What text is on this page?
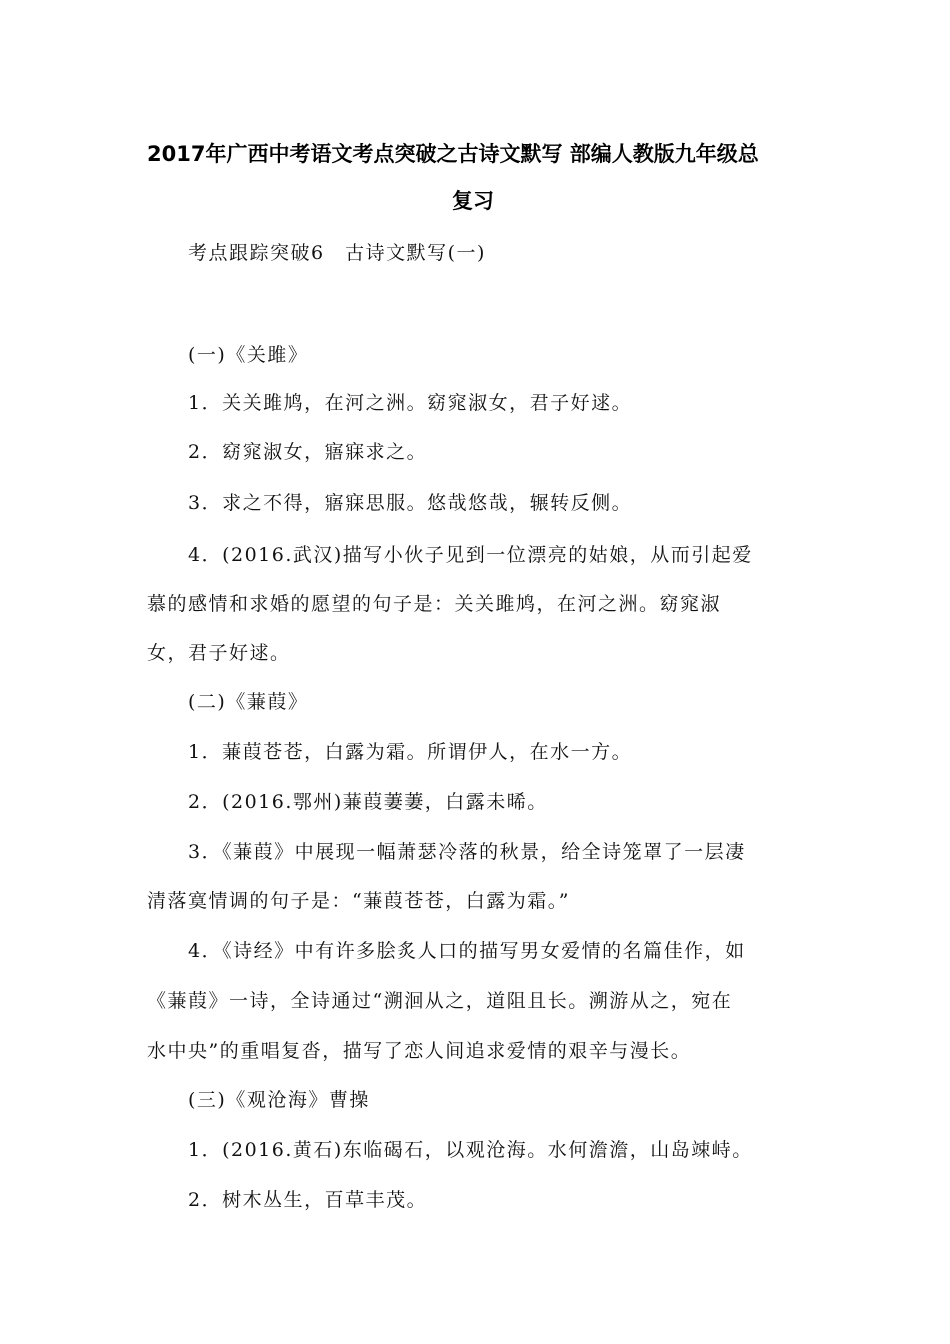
2017年广西中考语文考点突破之古诗文默写 部编人教版九年级总
复习
考点跟踪突破6　古诗文默写(一)
(一)《关雎》
1．关关雎鸠，在河之洲。窈窕淑女，君子好逑。
2．窈窕淑女，寤寐求之。
3．求之不得，寤寐思服。悠哉悠哉，辗转反侧。
4．(2016.武汉)描写小伙子见到一位漂亮的姑娘，从而引起爱
慕的感情和求婚的愿望的句子是：关关雎鸠，在河之洲。窈窕淑
女，君子好逑。
(二)《蒹葭》
1．蒹葭苍苍，白露为霜。所谓伊人，在水一方。
2．(2016.鄂州)蒹葭萋萋，白露未晞。
3．《蒹葭》中展现一幅萧瑟冷落的秋景，给全诗笼罩了一层凄
清落寞情调的句子是：“蒹葭苍苍，白露为霜。”
4．《诗经》中有许多脍炙人口的描写男女爱情的名篇佳作，如
《蒹葭》一诗，全诗通过“溯洄从之，道阻且长。溯游从之，宛在
水中央”的重唱复沓，描写了恋人间追求爱情的艰辛与漫长。
(三)《观沧海》曹操
1．(2016.黄石)东临碣石，以观沧海。水何澹澹，山岛竦峙。
2．树木丛生，百草丰茂。
